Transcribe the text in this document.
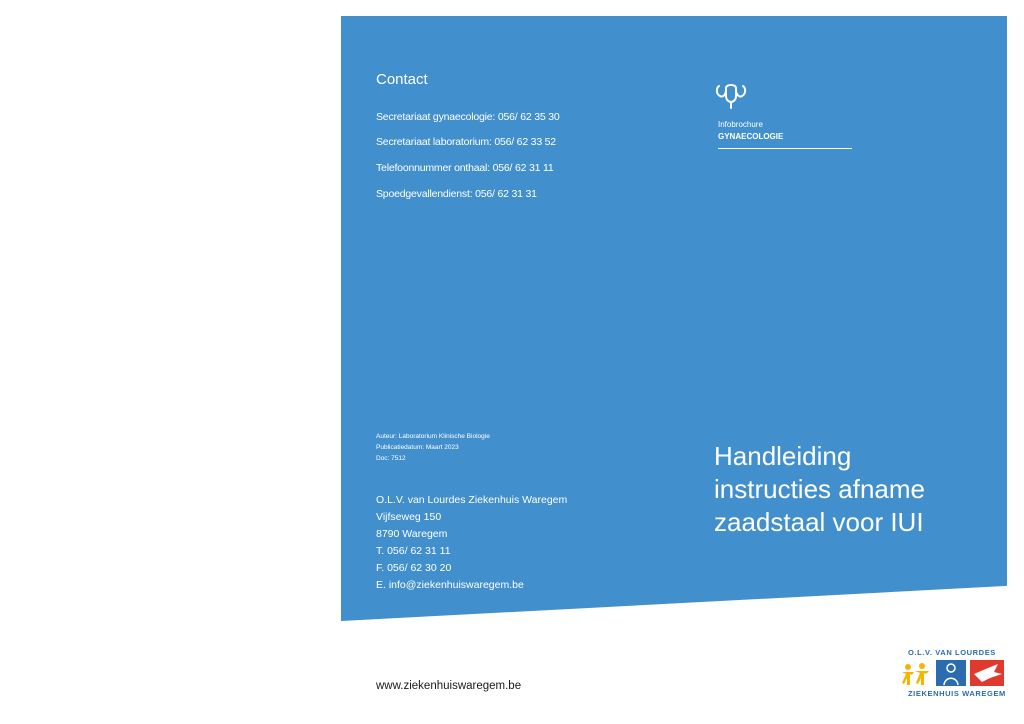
Contact
Secretariaat gynaecologie: 056/ 62 35 30
Secretariaat laboratorium: 056/ 62 33 52
Telefoonnummer onthaal: 056/ 62 31 11
Spoedgevallendienst: 056/ 62 31 31
Infobrochure
GYNAECOLOGIE
Auteur: Laboratorium Klinische Biologie
Publicatiedatum: Maart 2023
Doc: 7512
O.L.V. van Lourdes Ziekenhuis Waregem
Vijfseweg 150
8790 Waregem
T. 056/ 62 31 11
F. 056/ 62 30 20
E. info@ziekenhuiswaregem.be
Handleiding
instructies afname
zaadstaal voor IUI
www.ziekenhuiswaregem.be
O.L.V. VAN LOURDES
ZIEKENHUIS WAREGEM
